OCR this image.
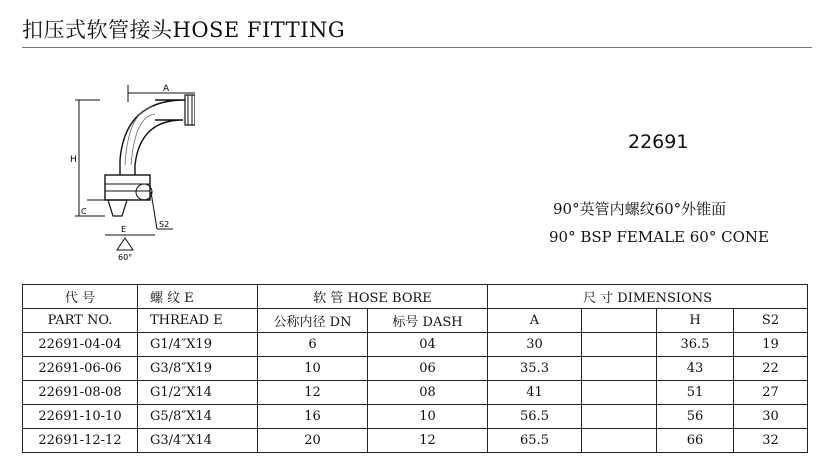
扣压式软管接头HOSE FITTING
A
H
C
S2
E
60°
22691
90°英管内螺纹60°外锥面
90° BSP FEMALE 60° CONE
代 号	螺 纹 E	软 管 HOSE BORE		尺 寸 DIMENSIONS			
PART NO.	THREAD E	公称内径 DN	标号 DASH	A		H	S2
22691-04-04	G1/4″X19	6	04	30		36.5	19
22691-06-06	G3/8″X19	10	06	35.3		43	22
22691-08-08	G1/2″X14	12	08	41		51	27
22691-10-10	G5/8″X14	16	10	56.5		56	30
22691-12-12	G3/4″X14	20	12	65.5		66	32
